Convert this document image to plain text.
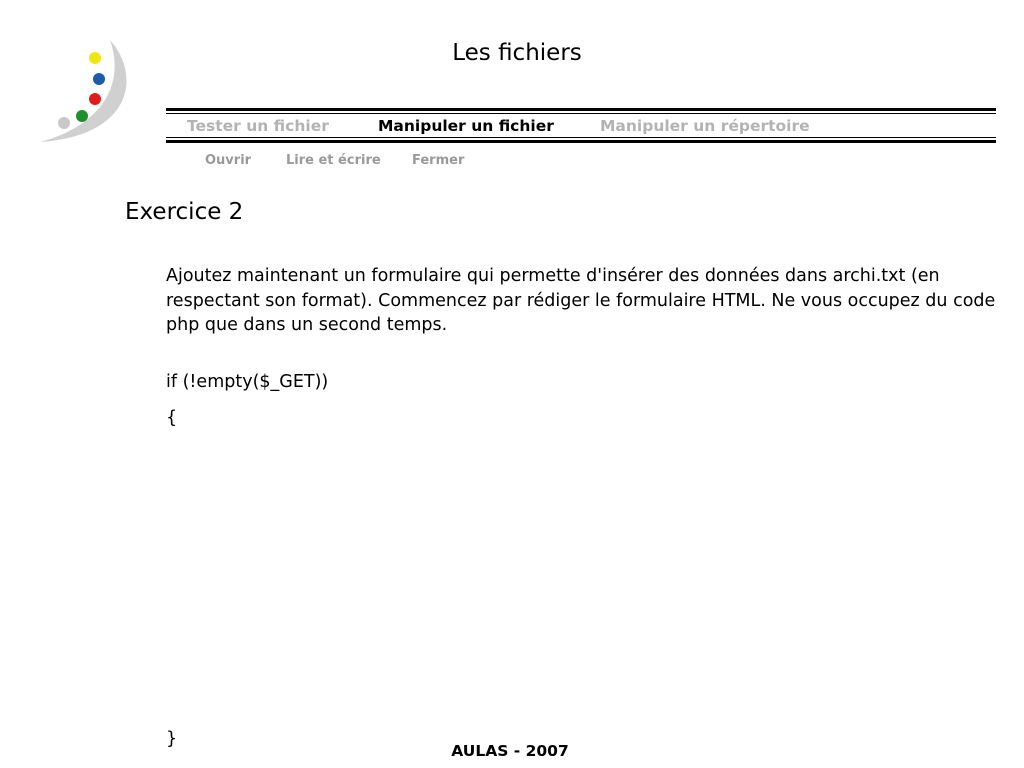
Les fichiers
Tester un fichier	Manipuler un fichier	Manipuler un répertoire
Ouvrir	Lire et écrire Fermer
Exercice 2
Ajoutez maintenant un formulaire qui permette d'insérer des données dans archi.txt (en respectant son format). Commencez par rédiger le formulaire HTML. Ne vous occupez du code php que dans un second temps.
if (!empty($_GET))
{
}
AULAS - 2007
